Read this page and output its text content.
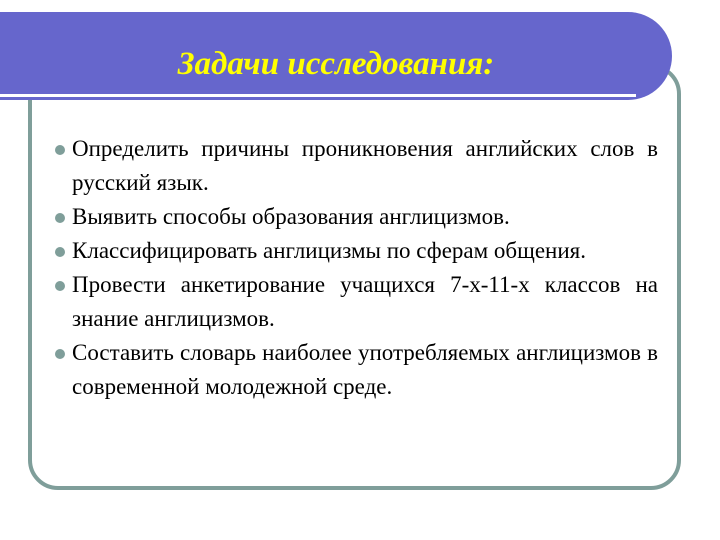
Задачи исследования:
Определить причины проникновения английских слов в русский язык.
Выявить способы образования англицизмов.
Классифицировать англицизмы по сферам общения.
Провести анкетирование учащихся 7-х-11-х классов на знание англицизмов.
Составить словарь наиболее употребляемых англицизмов в современной молодежной среде.
